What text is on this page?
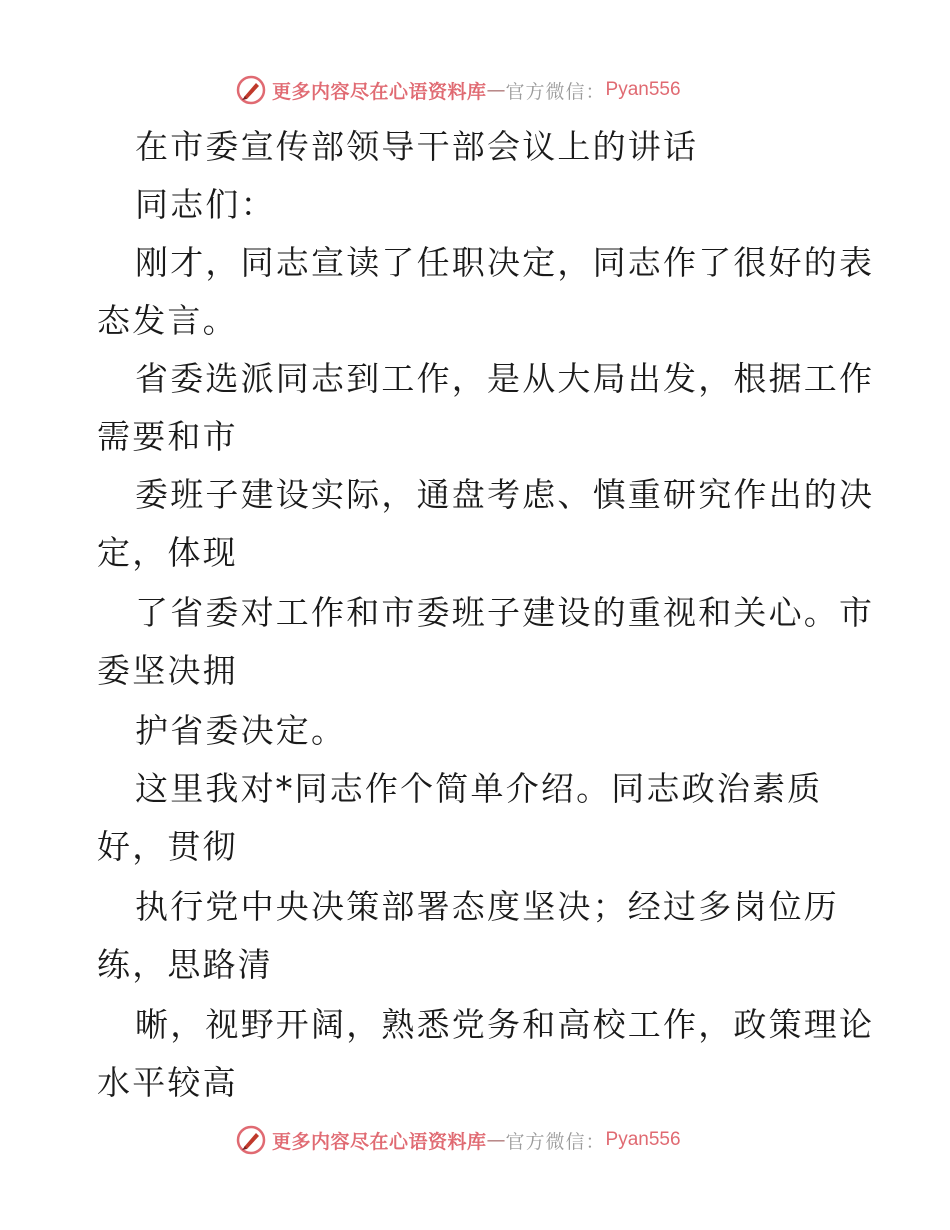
更多内容尽在心语资料库 — 官方微信： Pyan556
在市委宣传部领导干部会议上的讲话
同志们：
刚才，同志宣读了任职决定，同志作了很好的表
态发言。
省委选派同志到工作，是从大局出发，根据工作
需要和市
委班子建设实际，通盘考虑、慎重研究作出的决
定，体现
了省委对工作和市委班子建设的重视和关心。市
委坚决拥
护省委决定。
这里我对*同志作个简单介绍。同志政治素质
好，贯彻
执行党中央决策部署态度坚决；经过多岗位历
练，思路清
晰，视野开阔，熟悉党务和高校工作，政策理论
水平较高
更多内容尽在心语资料库 — 官方微信： Pyan556
